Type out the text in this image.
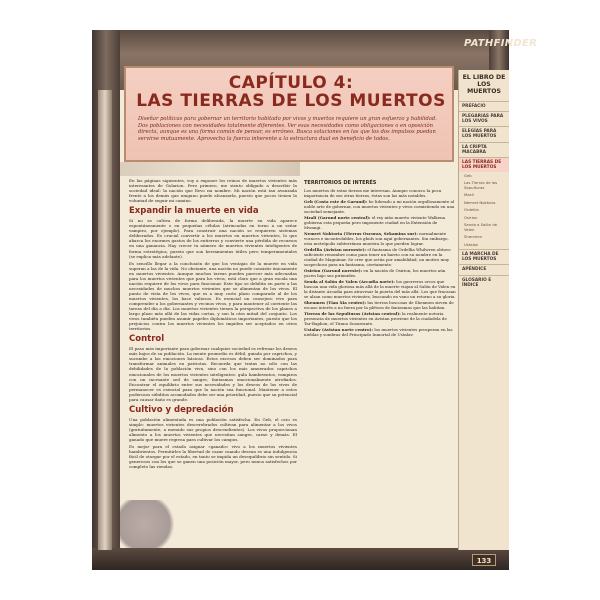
PATHFINDER
CAPÍTULO 4:
LAS TIERRAS DE LOS MUERTOS
Diseñar políticas para gobernar un territorio habitado por vivos y muertos requiere un gran esfuerzo y habilidad. Dos poblaciones con necesidades totalmente diferentes. Ver esas necesidades como obligaciones o en oposición directa, aunque es una forma común de pensar, es erróneo. Busca soluciones en las que los dos impulsos puedan servirse mutuamente. Aprovecha la fuerza inherente a la estructura dual en beneficio de todos.
EL LIBRO DE LOS MUERTOS
PREFACIO
PLEGARIAS PARA LOS VIVOS
ELEGÍAS PARA LOS MUERTOS
LA CRIPTA MACABRA
LAS TIERRAS DE LOS MUERTOS
Geb
Las Tierras de las Sepulturas
Mzali
Nemret Noktoria
Ordellia
Osirion
Senda a Salón de Valen
Shenmen
Ustalav
LA MARCHA DE LOS MUERTOS
APÉNDICE
GLOSARIO E ÍNDICE

En las páginas siguientes, voy a exponer los reinos de muertos vivientes más interesantes de Golarion. Pero primero, me siento obligado a describir la sociedad ideal: la nación que llevo mi nombre. Mi nación está tan avanzada frente a los demás que ninguno puede alcanzarla, puesto que pocos tienen la voluntad de seguir mi camino.

Expandir la muerte en vida

Si no se cultiva de forma deliberada, la muerte en vida aparece espontáneamente o en pequeñas células (atrincadas en torno a un señor vampiro, por ejemplo). Para construir una nación se requieren sistemas deliberados. Es crucial convertir a los muertos en muertos vivientes, lo que abarca los enormes gastos de los entierros y convierte una pérdida de recursos en una ganancia. Hay crecer tu número de muertos vivientes inteligentes de forma estratégica, puesto que son herramientas útiles pero temperamentales (se explica más adelante).

Es sencillo llegar a la conclusión de que los ventajas de la muerte en vida superan a las de la vida. No obstante, una nación no puede consistir únicamente en muertos vivientes. Aunque muchos tareas pueden parecer más adecuadas para los muertos vivientes que para los vivos, está claro que a gran escala una nación requiere de los vivos para funcionar. Este tipo se debilita en parte a las necesidades de muchos muertos vivientes que se alimentan de los vivos. El punto de vista de los vivos, que es a muy corto plazo comparado al de los muertos vivientes, los hace valiosos. Es esencial un consejero vivo para comprender a los gobernantes y vecinos vivos, y para mantener al corriente las tareas del día a día. Los muertos vivientes tienen la perspectiva de los planes a largo plazo más allá de las vidas cortas, y son la otra mitad del conjunto. Los vivos también pueden asumir papeles diplomáticos importantes, puesto que los prejuicios contra los muertos vivientes los impiden ser aceptados en otros territorios.

Control

El paso más importante para gobernar cualquier sociedad es refrenar los deseos más bajos de su población. La mente promedio es débil, guiada por caprichos, y sucumbe a las emociones básicas. Estos excesos deben ser dominados para transformar animales en patriotas. Recuerda que tratas no sólo con las debilidades de la población viva, sino con los más amuerados caprichos emocionales de los muertos vivientes inteligentes: gula hambrientos, vampiros con un incesante sed de sangre, fantasmas emocionalmente atrofiados. Encontrar el equilibrio entre sus necesidades y los deseos de los vivos de permanecer es esencial para que la nación sea funcional. Mantener a estos poderosos súbditos acomodados debe ser una prioridad, puesto que su potencial para causar daño es grande.

Cultivo y depredación

Una población alimentada es una población satisfecha. En Geb, el ocio es simple: muertos vivientes descerebrados cultivan para alimentar a los vivos (gratuitamente, a menudo sus propios descendientes). Los vivos proporcionan alimento a los muertos vivientes que necesitan sangre, carne y demás. El ganado que muere regresa para cultivar los campos.

Es mejor para el estado asignar «ganado» vivo a los muertos vivientes hambrientos. Permitirles la libertad de cazar cuando desean es una indulgencia fácil de otorgar por el estado, en tanto se impida un desequilibrio sin sentido. Si generosos con los que se ganen una posición mayor, pero nunca satisfechos por completo las riendas.

TERRITORIOS DE INTERÉS

Los muertos de estas tierras me interesan. Aunque conozco la poca importancia de sus otras tierras, éstas son las más notables.

Geb (Costa este de Garund): he liderado a mi nación orgullosamente al noble arte de gobernar, con muertos vivientes y vivos coexistiendo en una sociedad semejante.

Mzali (Garund norte central): el rey niño muerto viviente Walkena gobierna esta pequeña pero imponente ciudad en la Extensión de Mwangi.

Nemret Noktoria (Tierras Oscuras, Sekamina sur): normalmente voraces e incontrolables, los ghuls son aquí gobernantes. Sin embargo, esta metrópolis subterránea muestra lo que pueden lograr.

Ordellia (Avistan noroeste): el fantasma de Ordellia Whilwren obtuvo suficiente renombre como para tener un barrio con su nombre en la ciudad de Magnimar. Se cree que actúa por amabilidad, un motivo muy sospechoso para un fantasma, ciertamente.

Osirion (Garund noreste): en la nación de Osirion, los muertos aún yacen bajo sus pirámides.

Senda al Salón de Valen (Arcadia norte): los guerreros orcos que buscan una vida gloriosa más allá de la muerte viajan al Salón de Valen en la distante Arcadia para atravesar la puerta del más allá. Los que fracasan se alzan como muertos vivientes, buscando en vano un retorno a su gloria.

Shenmen (Tian Xia centro): las tierras boscosas de Shenmen sirven de escaso interés a no fuera por la plétora de fantasmas que las habitan.

Tierras de las Sepulturas (Avistan central): la realmente notoria presencia de muertos vivientes en Avistan proviene de la ciudadela de Tar-Baphon, el Tirano Susurrante.

Ustalav (Avistan norte centro): los muertos vivientes prosperan en las nieblas y sombras del Principado Inmortal de Ustalav.

133
